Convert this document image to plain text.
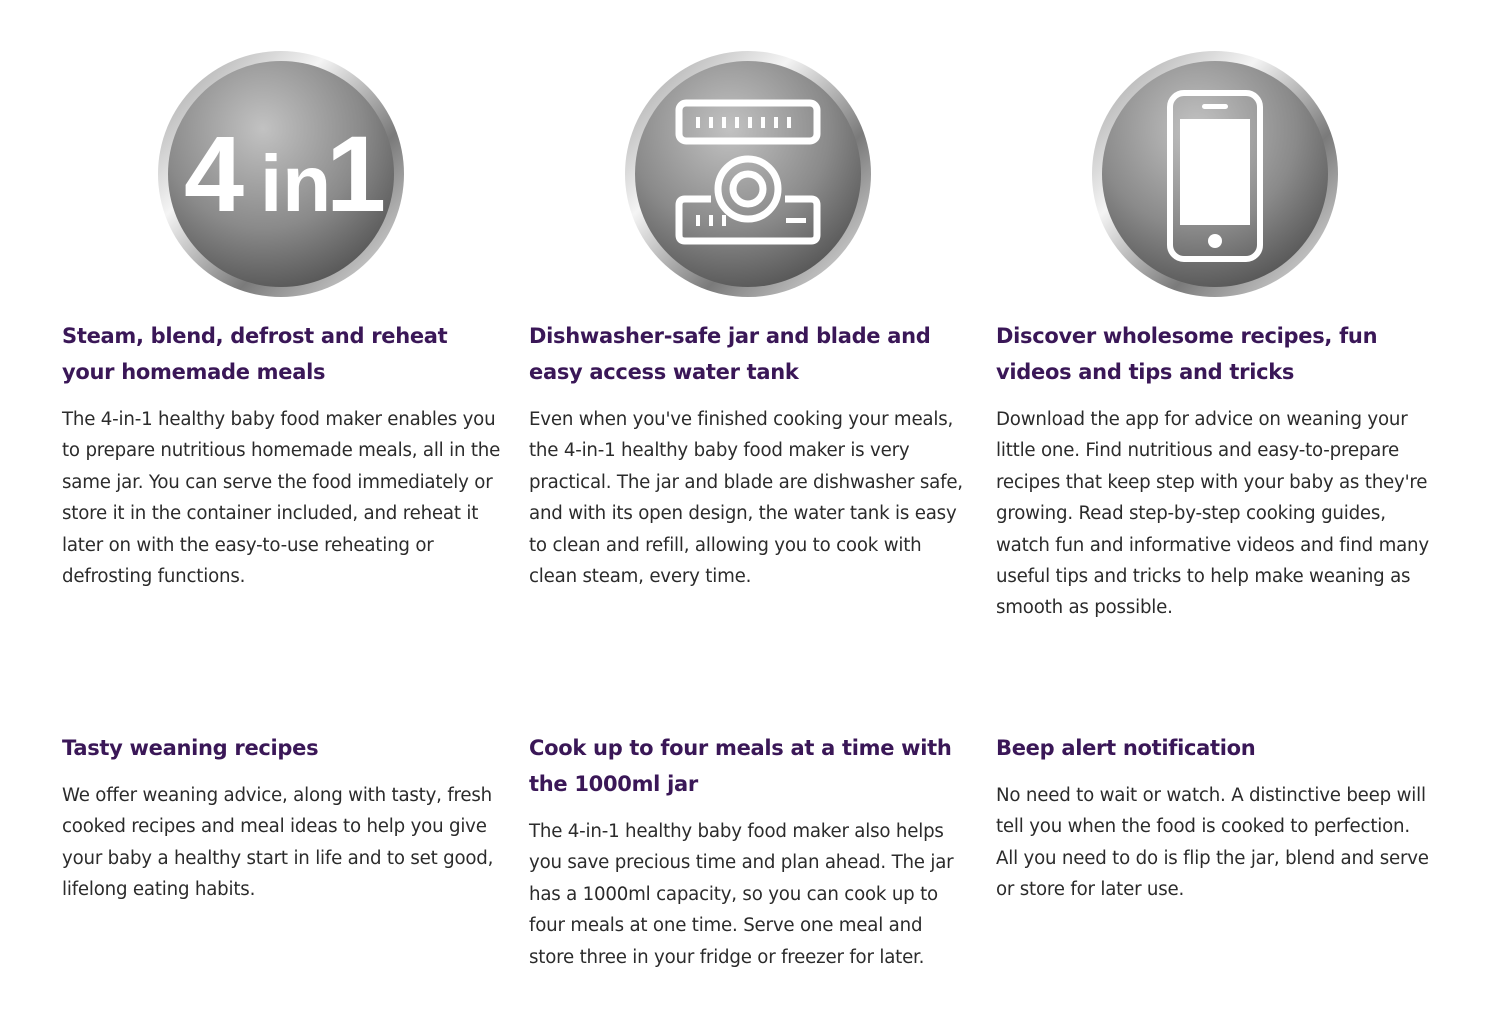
4 in
1
Steam, blend, defrost and reheat your homemade meals

The 4-in-1 healthy baby food maker enables you to prepare nutritious homemade meals, all in the same jar. You can serve the food immediately or store it in the container included, and reheat it later on with the easy-to-use reheating or defrosting functions.

Dishwasher-safe jar and blade and easy access water tank

Even when you've finished cooking your meals, the 4-in-1 healthy baby food maker is very practical. The jar and blade are dishwasher safe, and with its open design, the water tank is easy to clean and refill, allowing you to cook with clean steam, every time.

Discover wholesome recipes, fun videos and tips and tricks

Download the app for advice on weaning your little one. Find nutritious and easy-to-prepare recipes that keep step with your baby as they're growing. Read step-by-step cooking guides, watch fun and informative videos and find many useful tips and tricks to help make weaning as smooth as possible.

Tasty weaning recipes

We offer weaning advice, along with tasty, fresh cooked recipes and meal ideas to help you give your baby a healthy start in life and to set good, lifelong eating habits.

Cook up to four meals at a time with the 1000ml jar

The 4-in-1 healthy baby food maker also helps you save precious time and plan ahead. The jar has a 1000ml capacity, so you can cook up to four meals at one time. Serve one meal and store three in your fridge or freezer for later.

Beep alert notification

No need to wait or watch. A distinctive beep will tell you when the food is cooked to perfection. All you need to do is flip the jar, blend and serve or store for later use.
